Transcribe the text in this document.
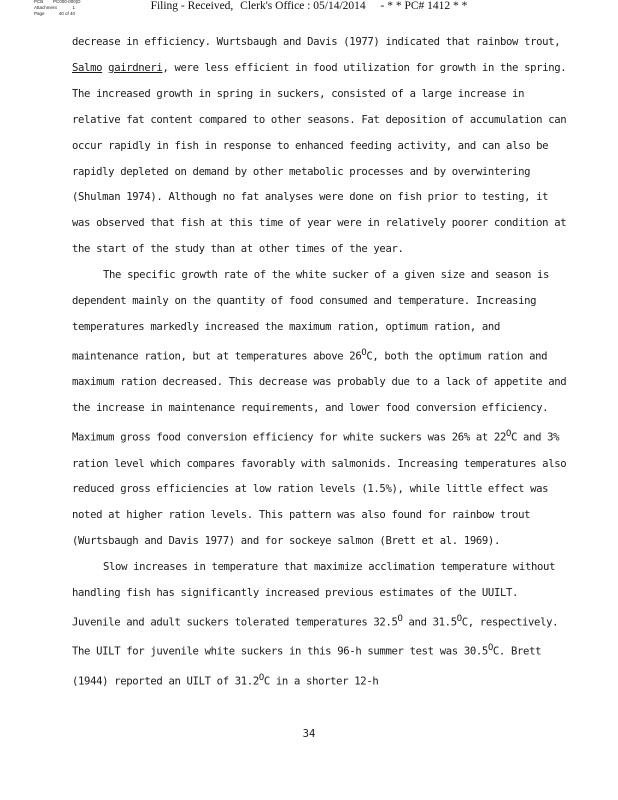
PCB PC000-000(D
Attachment	1
Page	40 of 40
Filing - Received, Clerk's Office : 05/14/2014 - * * PC# 1412 * *

decrease in efficiency. Wurtsbaugh and Davis (1977) indicated that rainbow trout, Salmo gairdneri, were less efficient in food utilization for growth in the spring. The increased growth in spring in suckers, consisted of a large increase in relative fat content compared to other seasons. Fat deposition of accumulation can occur rapidly in fish in response to enhanced feeding activity, and can also be rapidly depleted on demand by other metabolic processes and by overwintering (Shulman 1974). Although no fat analyses were done on fish prior to testing, it was observed that fish at this time of year were in relatively poorer condition at the start of the study than at other times of the year.

The specific growth rate of the white sucker of a given size and season is dependent mainly on the quantity of food consumed and temperature. Increasing temperatures markedly increased the maximum ration, optimum ration, and maintenance ration, but at temperatures above $26^OC$, both the optimum ration and maximum ration decreased. This decrease was probably due to a lack of appetite and the increase in maintenance requirements, and lower food conversion efficiency. Maximum gross food conversion efficiency for white suckers was 26% at $22^OC$ and 3% ration level which compares favorably with salmonids. Increasing temperatures also reduced gross efficiencies at low ration levels (1.5%), while little effect was noted at higher ration levels. This pattern was also found for rainbow trout (Wurtsbaugh and Davis 1977) and for sockeye salmon (Brett et al. 1969).

Slow increases in temperature that maximize acclimation temperature without handling fish has significantly increased previous estimates of the UUILT. Juvenile and adult suckers tolerated temperatures $32.5^O$ and $31.5^OC$, respectively. The UILT for juvenile white suckers in this 96-h summer test was $30.5^OC$. Brett (1944) reported an UILT of $31.2^OC$ in a shorter 12-h

34
